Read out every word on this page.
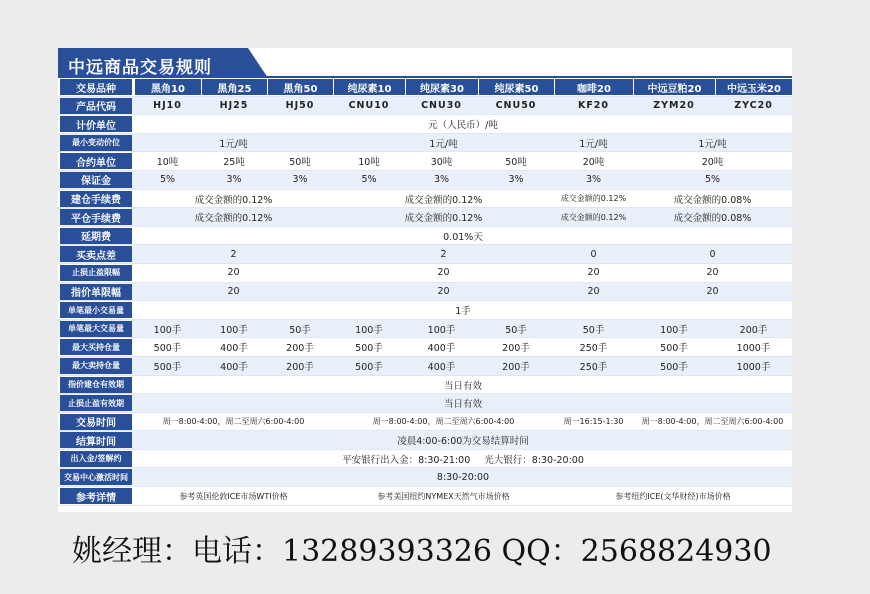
中远商品交易规则
交易品种	黑角10	黑角25	黑角50	纯尿素10	纯尿素30	纯尿素50	咖啡20	中远豆粕20	中远玉米20
产品代码	HJ10	HJ25	HJ50	CNU10	CNU30	CNU50	KF20	ZYM20	ZYC20
计价单位	元（人民币）/吨
最小变动价位	1元/吨	1元/吨	1元/吨	1元/吨
合约单位	10吨	25吨	50吨	10吨	30吨	50吨	20吨	20吨
保证金	5%	3%	3%	5%	3%	3%	3%	5%
建仓手续费	成交金额的0.12%	成交金额的0.12%	成交金额的0.12%	成交金额的0.08%
平仓手续费	成交金额的0.12%	成交金额的0.12%	成交金额的0.12%	成交金额的0.08%
延期费	0.01%天
买卖点差	2	2	0	0
止损止盈限幅	20	20	20	20
指价单限幅	20	20	20	20
单笔最小交易量	1手
单笔最大交易量	100手	100手	50手	100手	100手	50手	50手	100手	200手
最大买持仓量	500手	400手	200手	500手	400手	200手	250手	500手	1000手
最大卖持仓量	500手	400手	200手	500手	400手	200手	250手	500手	1000手
指价建仓有效期	当日有效
止损止盈有效期	当日有效
交易时间	周一8:00-4:00，周二至周六6:00-4:00	周一8:00-4:00，周二至周六6:00-4:00	周一16:15-1:30	周一8:00-4:00，周二至周六6:00-4:00
结算时间	凌晨4:00-6:00为交易结算时间
出入金/签解约	平安银行出入金：8:30-21:00 光大银行：8:30-20:00
交易中心激活时间	8:30-20:00
参考详情	参考英国伦敦ICE市场WTI价格	参考美国纽约NYMEX天然气市场价格	参考纽约ICE(文华财经)市场价格
姚经理：电话：13289393326 QQ：2568824930
